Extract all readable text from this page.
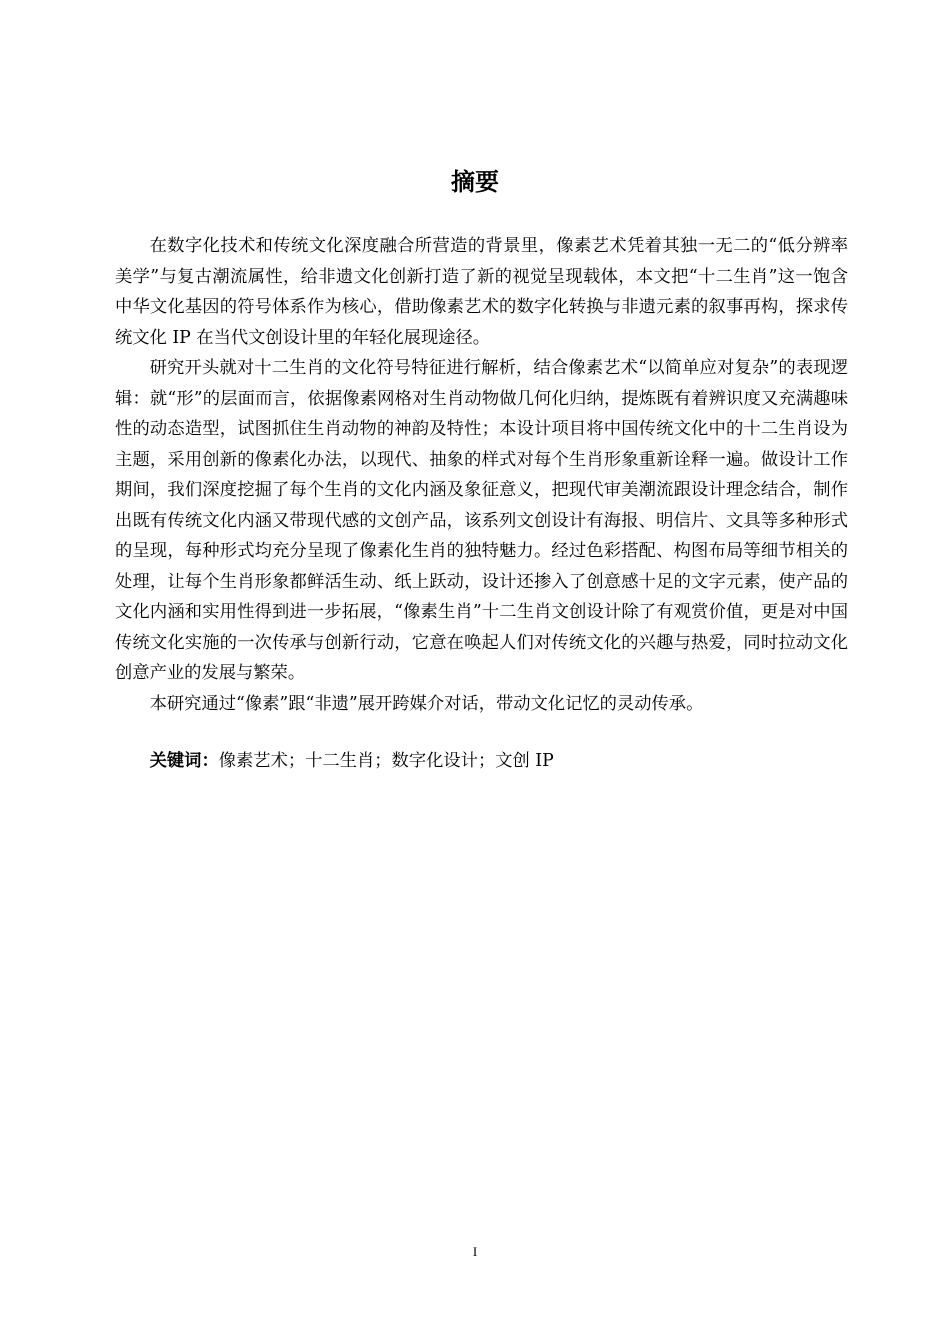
摘要

在数字化技术和传统文化深度融合所营造的背景里，像素艺术凭着其独一无二的“低分辨率美学”与复古潮流属性，给非遗文化创新打造了新的视觉呈现载体，本文把“十二生肖”这一饱含中华文化基因的符号体系作为核心，借助像素艺术的数字化转换与非遗元素的叙事再构，探求传统文化 IP 在当代文创设计里的年轻化展现途径。

研究开头就对十二生肖的文化符号特征进行解析，结合像素艺术“以简单应对复杂”的表现逻辑：就“形”的层面而言，依据像素网格对生肖动物做几何化归纳，提炼既有着辨识度又充满趣味性的动态造型，试图抓住生肖动物的神韵及特性；本设计项目将中国传统文化中的十二生肖设为主题，采用创新的像素化办法，以现代、抽象的样式对每个生肖形象重新诠释一遍。做设计工作期间，我们深度挖掘了每个生肖的文化内涵及象征意义，把现代审美潮流跟设计理念结合，制作出既有传统文化内涵又带现代感的文创产品，该系列文创设计有海报、明信片、文具等多种形式的呈现，每种形式均充分呈现了像素化生肖的独特魅力。经过色彩搭配、构图布局等细节相关的处理，让每个生肖形象都鲜活生动、纸上跃动，设计还掺入了创意感十足的文字元素，使产品的文化内涵和实用性得到进一步拓展，“像素生肖”十二生肖文创设计除了有观赏价值，更是对中国传统文化实施的一次传承与创新行动，它意在唤起人们对传统文化的兴趣与热爱，同时拉动文化创意产业的发展与繁荣。

本研究通过“像素”跟“非遗”展开跨媒介对话，带动文化记忆的灵动传承。

关键词：像素艺术；十二生肖；数字化设计；文创 IP

I
